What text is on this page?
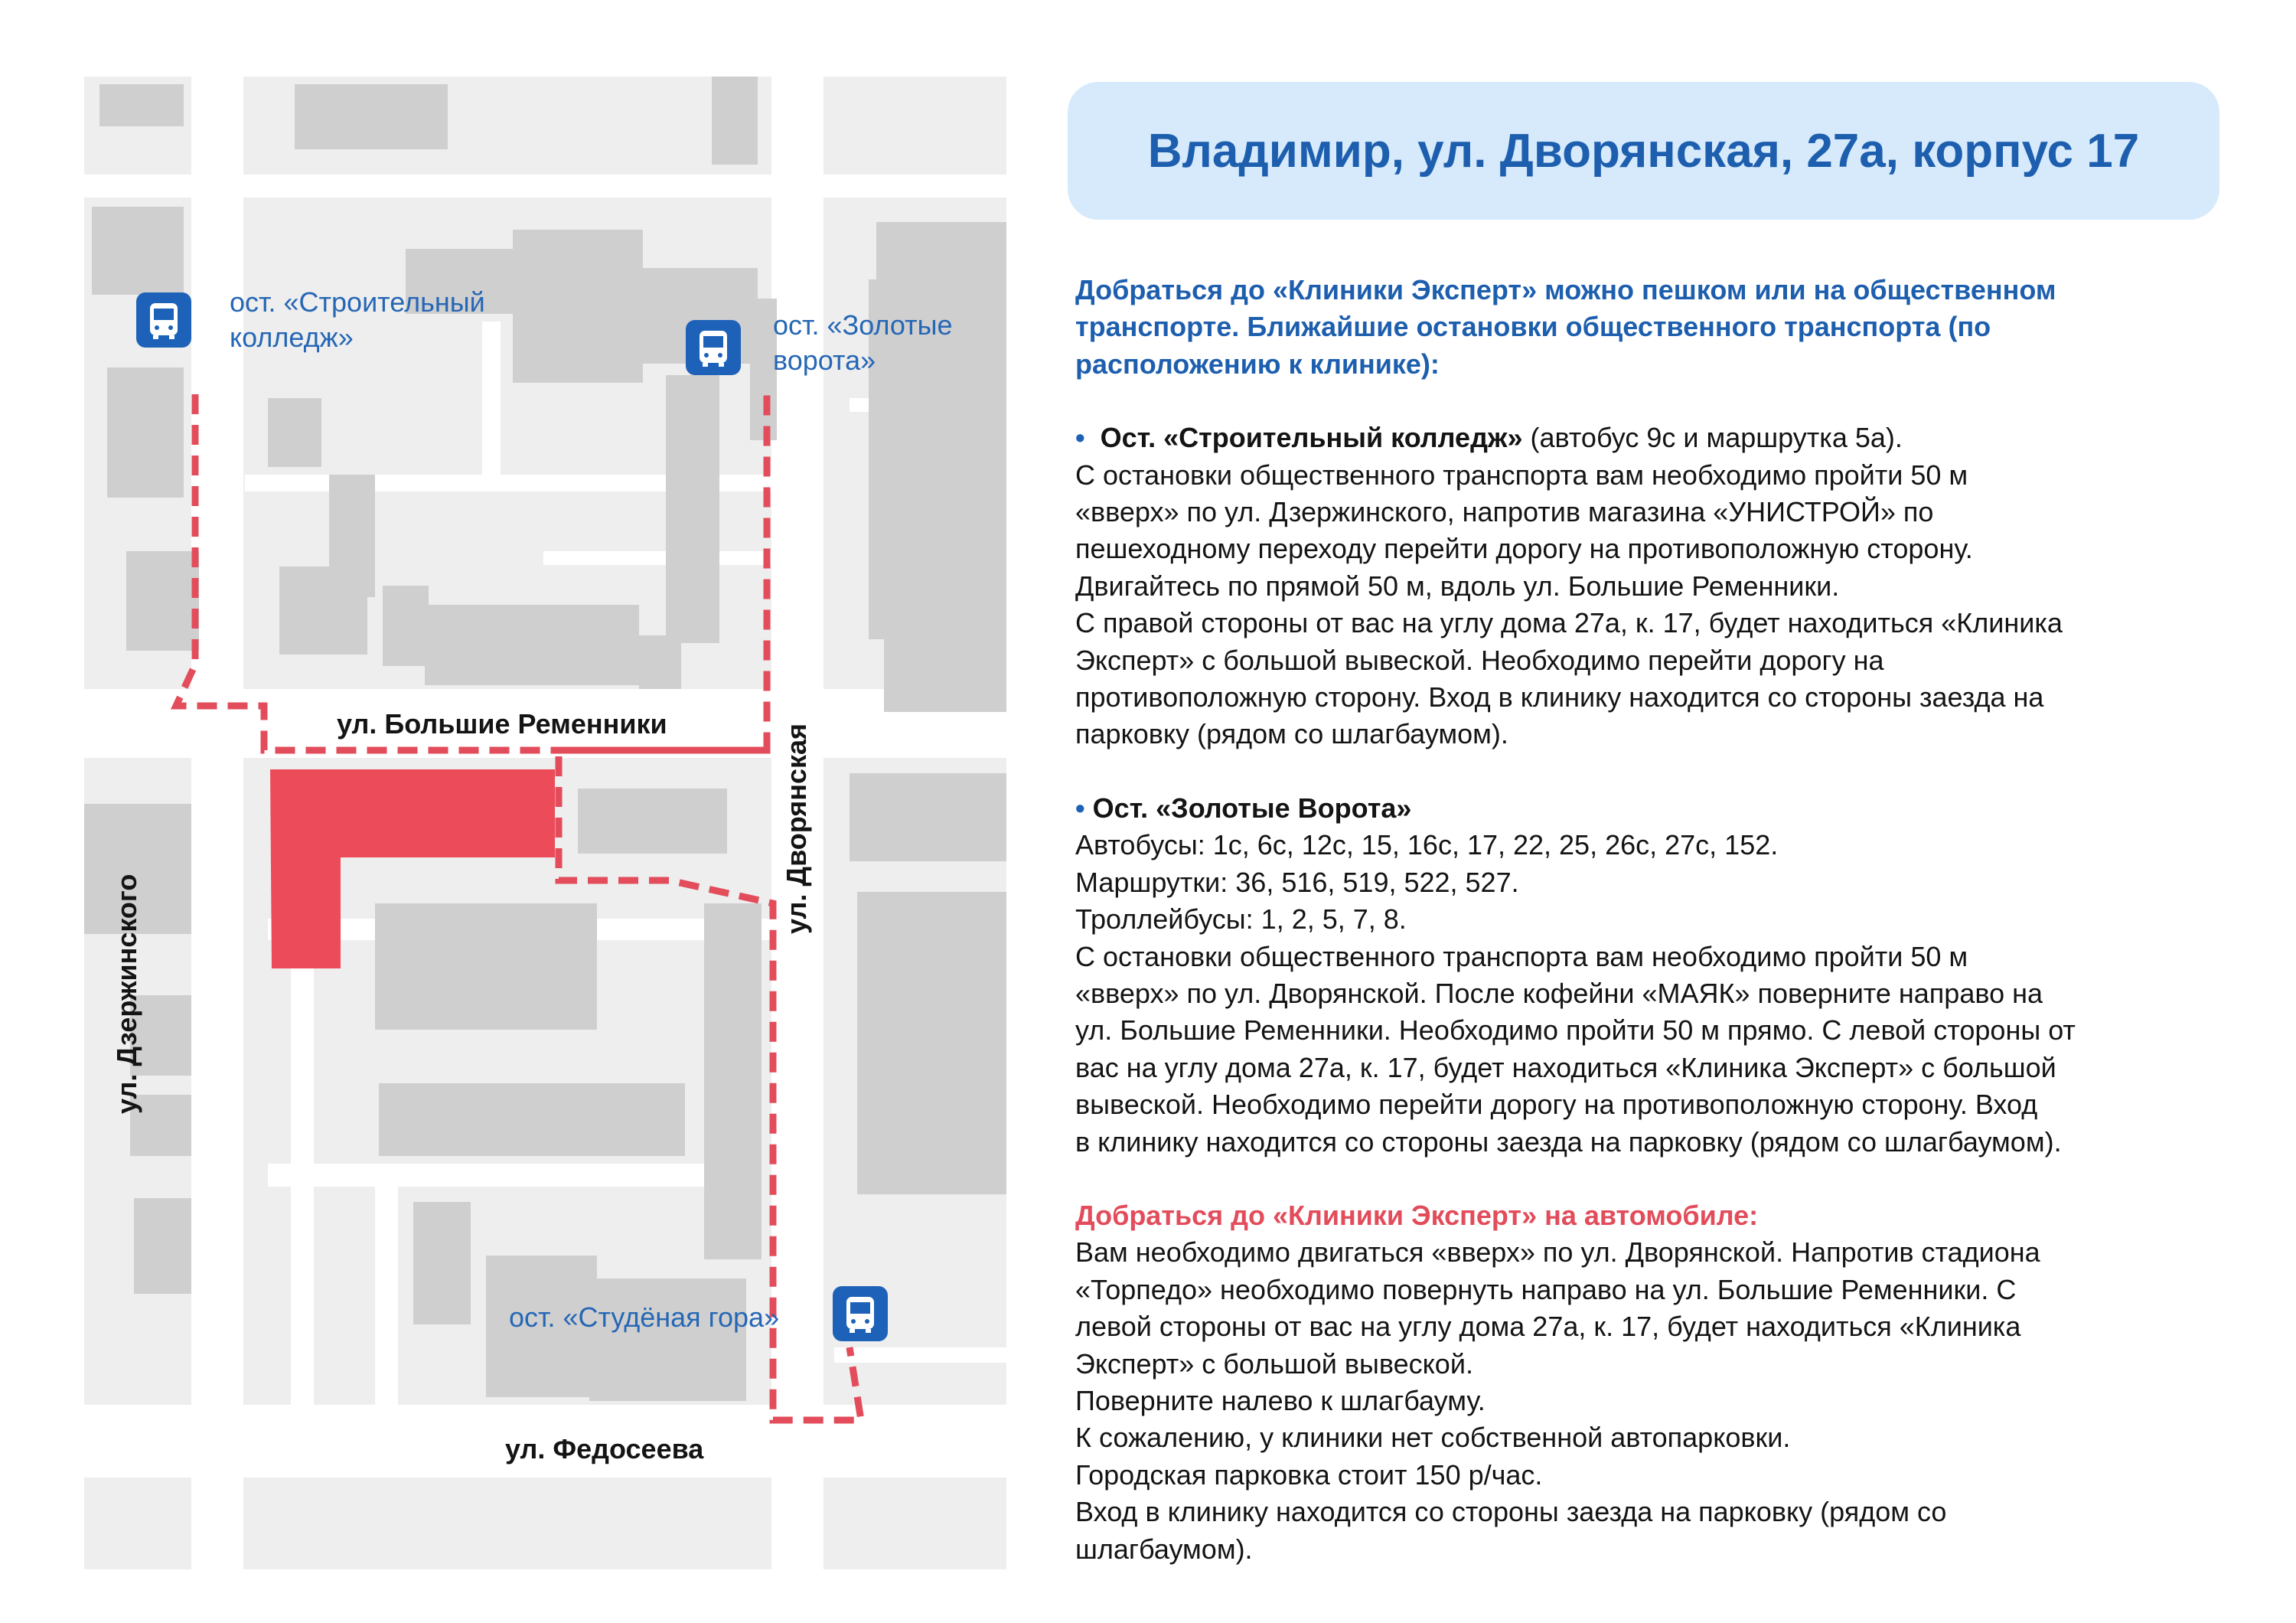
ул. Большие Ременники
ул. Федосеева
ул. Дзержинского
ул. Дворянская
ост. «Строительный
колледж»	ост. «Золотые
ворота»
ост. «Студёная гора»
Владимир, ул. Дворянская, 27а, корпус 17

Добраться до «Клиники Эксперт» можно пешком или на общественном транспорте. Ближайшие остановки общественного транспорта (по расположению к клинике):

• Ост. «Строительный колледж» (автобус 9с и маршрутка 5а).

С остановки общественного транспорта вам необходимо пройти 50 м

«вверх» по ул. Дзержинского, напротив магазина «УНИСТРОЙ» по

пешеходному переходу перейти дорогу на противоположную сторону.

Двигайтесь по прямой 50 м, вдоль ул. Большие Ременники.

С правой стороны от вас на углу дома 27а, к. 17, будет находиться «Клиника

Эксперт» с большой вывеской. Необходимо перейти дорогу на

противоположную сторону. Вход в клинику находится со стороны заезда на

парковку (рядом со шлагбаумом).

• Ост. «Золотые Ворота»

Автобусы: 1с, 6с, 12с, 15, 16с, 17, 22, 25, 26с, 27с, 152.

Маршрутки: 36, 516, 519, 522, 527.

Троллейбусы: 1, 2, 5, 7, 8.

С остановки общественного транспорта вам необходимо пройти 50 м

«вверх» по ул. Дворянской. После кофейни «МАЯК» поверните направо на

ул. Большие Ременники. Необходимо пройти 50 м прямо. С левой стороны от

вас на углу дома 27а, к. 17, будет находиться «Клиника Эксперт» с большой

вывеской. Необходимо перейти дорогу на противоположную сторону. Вход

в клинику находится со стороны заезда на парковку (рядом со шлагбаумом).

Добраться до «Клиники Эксперт» на автомобиле:

Вам необходимо двигаться «вверх» по ул. Дворянской. Напротив стадиона

«Торпедо» необходимо повернуть направо на ул. Большие Ременники. С

левой стороны от вас на углу дома 27а, к. 17, будет находиться «Клиника

Эксперт» с большой вывеской.

Поверните налево к шлагбауму.

К сожалению, у клиники нет собственной автопарковки.

Городская парковка стоит 150 р/час.

Вход в клинику находится со стороны заезда на парковку (рядом со

шлагбаумом).
